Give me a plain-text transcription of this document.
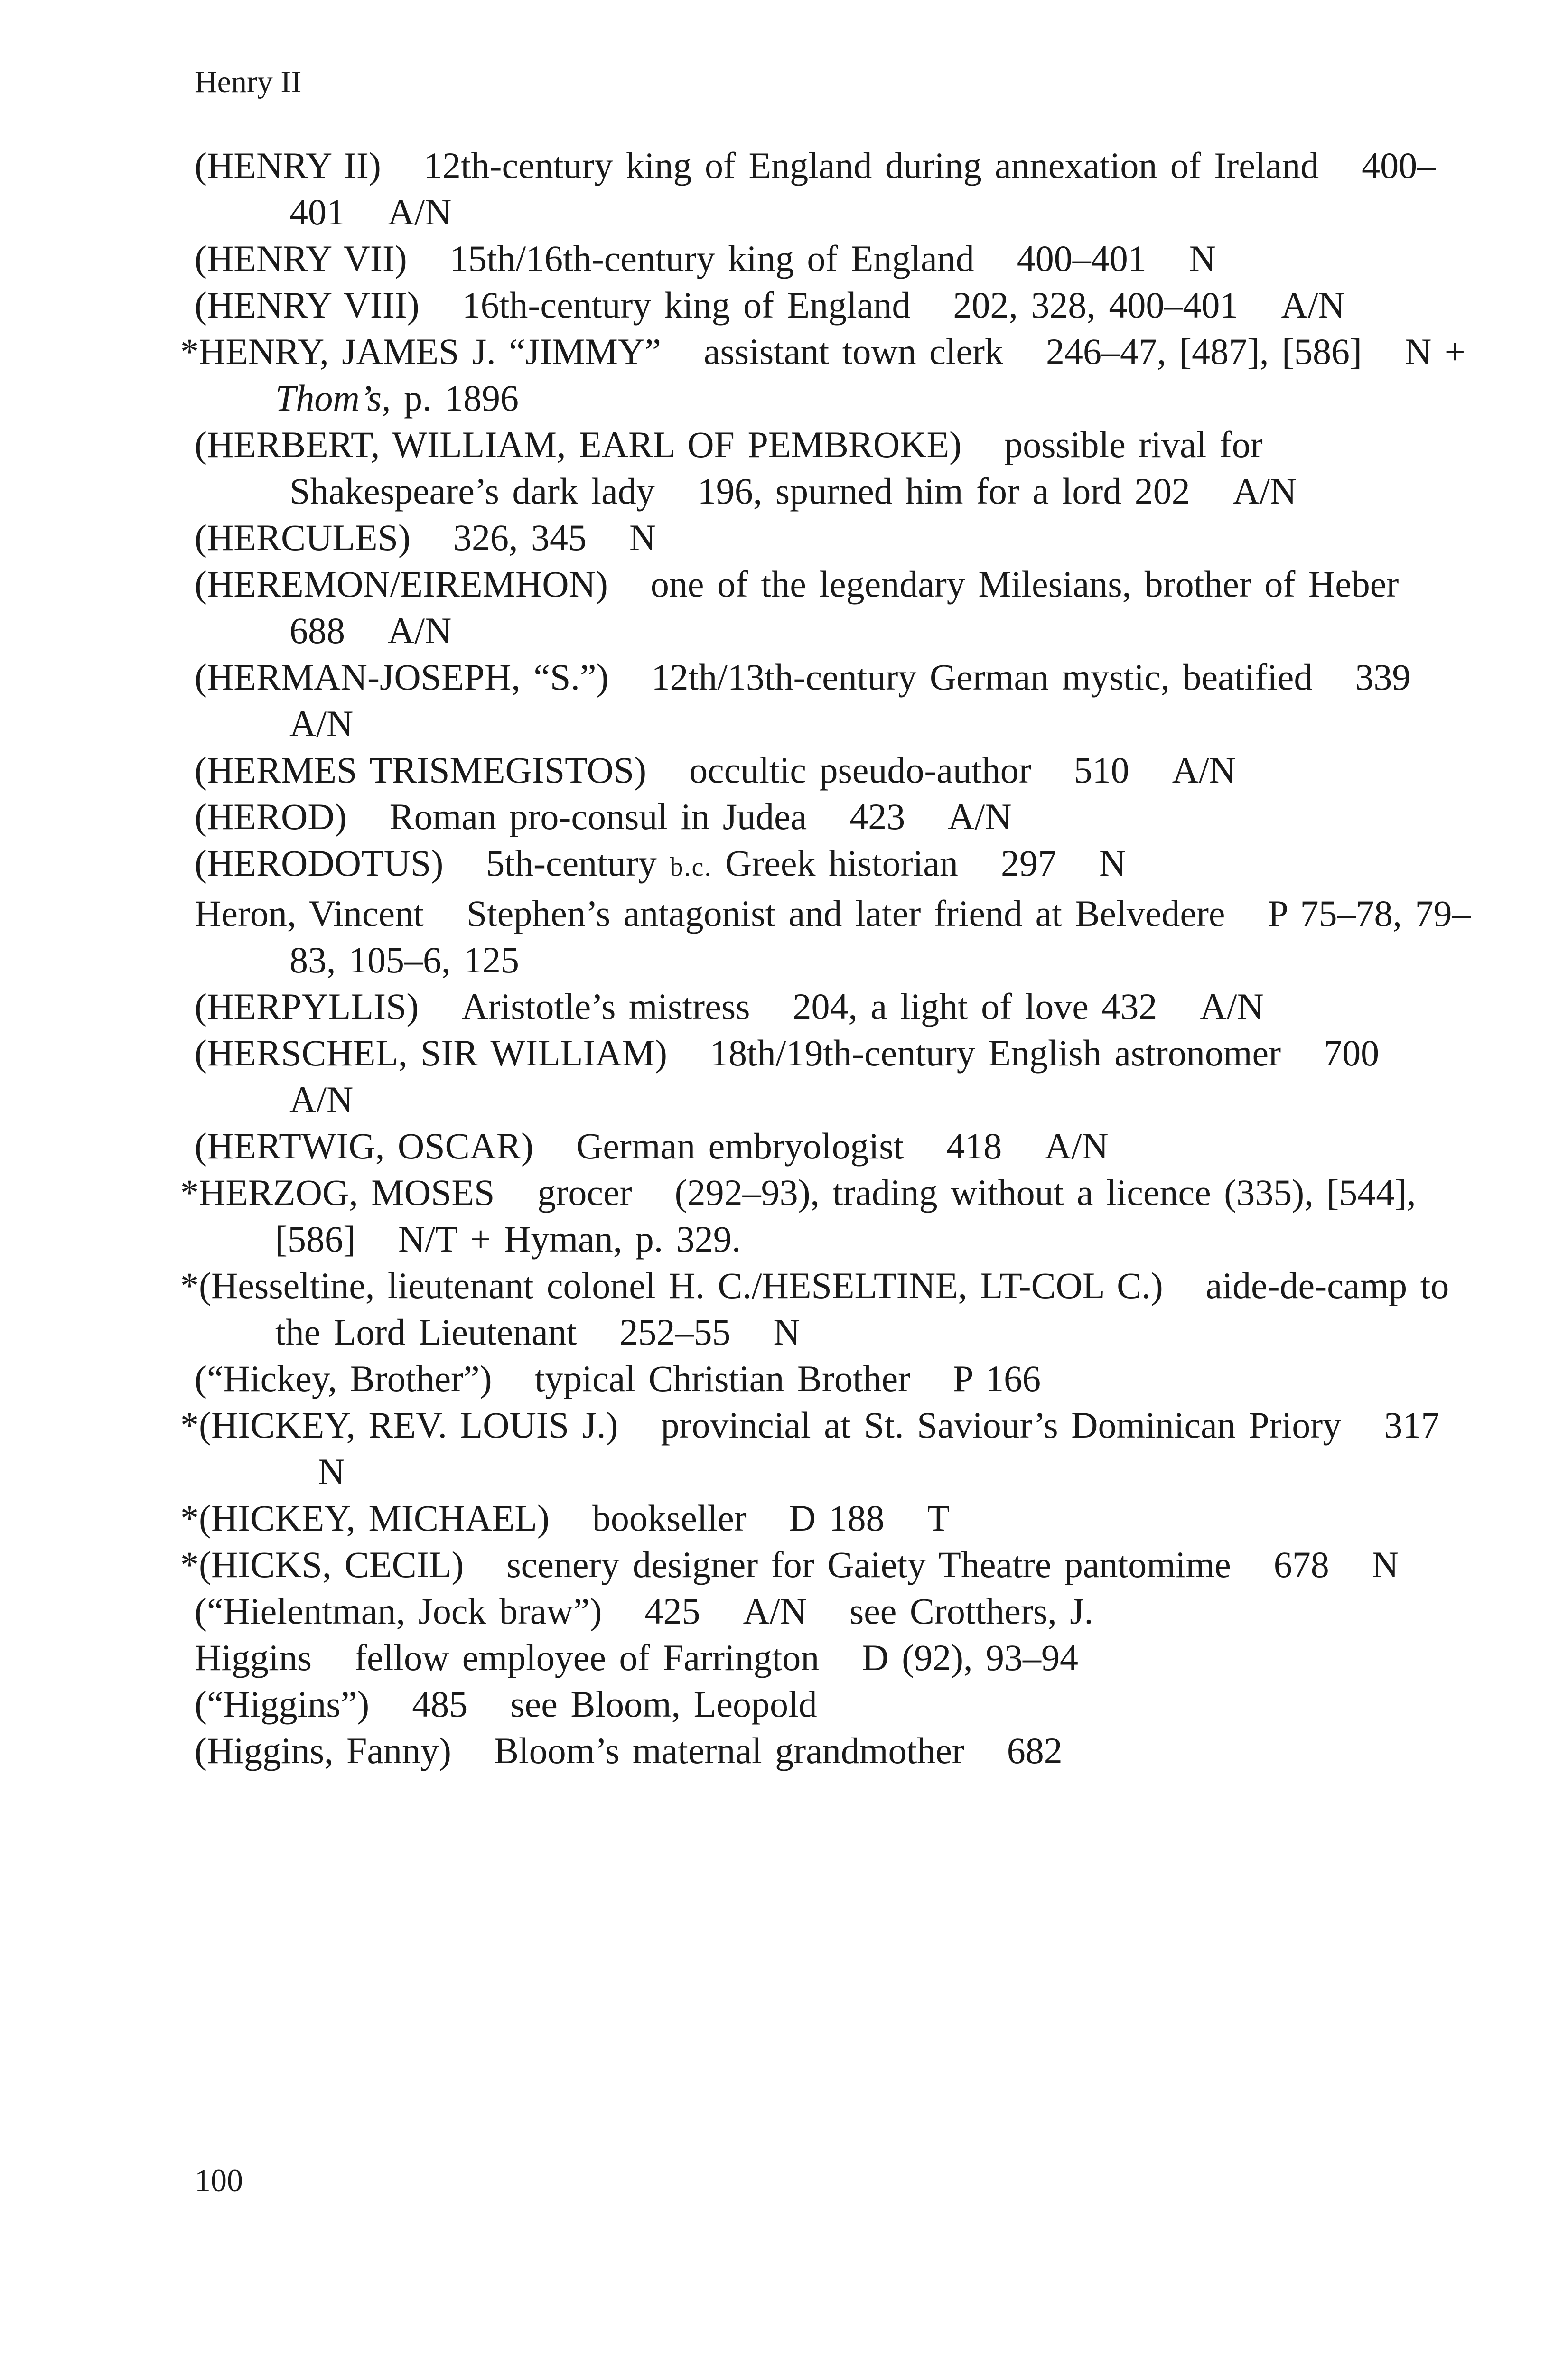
Henry II
(HENRY II) 12th-century king of England during annexation of Ireland 400–401 A/N
(HENRY VII) 15th/16th-century king of England 400–401 N
(HENRY VIII) 16th-century king of England 202, 328, 400–401 A/N
*HENRY, JAMES J. “JIMMY” assistant town clerk 246–47, [487], [586] N + Thom’s, p. 1896
(HERBERT, WILLIAM, EARL OF PEMBROKE) possible rival for Shakespeare’s dark lady 196, spurned him for a lord 202 A/N
(HERCULES) 326, 345 N
(HEREMON/EIREMHON) one of the legendary Milesians, brother of Heber688 A/N
(HERMAN-JOSEPH, “S.”) 12th/13th-century German mystic, beatified 339A/N
(HERMES TRISMEGISTOS) occultic pseudo-author 510 A/N
(HEROD) Roman pro-consul in Judea 423 A/N
(HERODOTUS) 5th-century b.c. Greek historian 297 N
Heron, Vincent Stephen’s antagonist and later friend at Belvedere P 75–78, 79–83, 105–6, 125
(HERPYLLIS) Aristotle’s mistress 204, a light of love 432 A/N
(HERSCHEL, SIR WILLIAM) 18th/19th-century English astronomer 700A/N
(HERTWIG, OSCAR) German embryologist 418 A/N
*HERZOG, MOSES grocer (292–93), trading without a licence (335), [544], [586] N/T + Hyman, p. 329.
*(Hesseltine, lieutenant colonel H. C./HESELTINE, LT-COL C.) aide-de-camp to the Lord Lieutenant 252–55 N
(“Hickey, Brother”) typical Christian Brother P 166
*(HICKEY, REV. LOUIS J.) provincial at St. Saviour’s Dominican Priory 317N
*(HICKEY, MICHAEL) bookseller D 188 T
*(HICKS, CECIL) scenery designer for Gaiety Theatre pantomime 678 N
(“Hielentman, Jock braw”) 425 A/N see Crotthers, J.
Higgins fellow employee of Farrington D (92), 93–94
(“Higgins”) 485 see Bloom, Leopold
(Higgins, Fanny) Bloom’s maternal grandmother 682
100
